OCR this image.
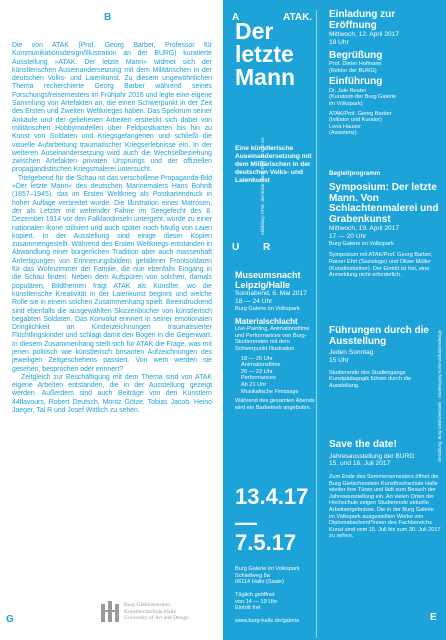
B
Die von ATAK (Prof. Georg Barber, Professor für Kommunikationsdesign/Illustration an der BURG) kuratierte Ausstellung »ATAK. Der letzte Mann« widmet sich der künstlerischen Auseinandersetzung mit dem Militärischen in der deutschen Volks- und Laienkunst. Zu diesem ungewöhnlichen Thema recherchierte Georg Barber während seines Forschungsfreisemesters im Frühjahr 2016 und legte eine eigene Sammlung von Artefakten an, die einen Schwerpunkt in der Zeit des Ersten und Zweiten Weltkrieges haben. Das Spektrum seiner Ankäufe und der geliehenen Arbeiten erstreckt sich dabei von militärischen Hobbymodellen über Feldpostkarten bis hin zu Kunst von Soldaten und Kriegsgefangenen und schließt die visuelle Aufarbeitung traumatischer Kriegserlebnisse ein. In der weiteren Auseinandersetzung wird auch die Wechselbeziehung zwischen Artefakten privaten Ursprungs und der offiziellen propagandistischen Kriegsmalerei untersucht.
Titelgebend für die Schau ist das verschollene Propaganda-Bild »Der letzte Mann« des deutschen Marinemalers Hans Bohrdt (1857–1945), das im Ersten Weltkrieg als Postkartendruck in hoher Auflage verbreitet wurde. Die Illustration eines Matrosen, der als Letzter mit wehender Fahne im Seegefecht des 8. Dezember 1914 vor den Falklandinseln untergeht, wurde zu einer nationalen Ikone stilisiert und auch später noch häufig von Laien kopiert. In der Ausstellung sind einige dieser Kopien zusammengestellt. Während des Ersten Weltkriegs entstanden in Abwandlung einer bürgerlichen Tradition aber auch massenhaft Anfertigungen von Erinnerungsbildern gefallener Frontsoldaten für das Wohnzimmer der Familie, die nun ebenfalls Eingang in die Schau finden. Neben dem Aufspüren von solchen, damals populären, Bildthemen fragt ATAK als Künstler, wo die künstlerische Kreativität in der Laienkunst beginnt und welche Rolle sie in einem solchen Zusammenhang spielt. Beeindruckend sind ebenfalls die ausgewählten Skizzenbücher von künstlerisch begabten Soldaten. Das Konvolut erinnert in seiner emotionalen Dringlichkeit an Kinderzeichnungen traumatisierter Flüchtlingskinder und schlägt damit den Bogen in die Gegenwart. In diesem Zusammenhang stellt sich für ATAK die Frage, was mit jenen politisch wie künstlerisch brisanten Aufzeichnungen des jeweiligen Zeitgeschehens passiert. Von wem werden sie gesehen, besprochen oder erinnert?
Zeitgleich zur Beschäftigung mit dem Thema sind von ATAK eigene Arbeiten entstanden, die in der Ausstellung gezeigt werden. Außerdem sind auch Beiträge von den Künstlern 44flavours, Robert Deutsch, Moritz Götze, Tobias Jacob, Heino Jaeger, Tal R und Josef Wittlich zu sehen.
G
Burg Giebichenstein
Kunsthochschule Halle
University of Art and Design
A	ATAK.
Der letzte Mann
Eine künstlerische Auseinandersetzung mit dem Militärischen in der deutschen Volks- und Laienkunst
Abbildung: ATAK, Der letzte Mann, 2017, 60 x 40 cm
Einladung zur Eröffnung
Mittwoch, 12. April 2017
18 Uhr
Begrüßung
Prof. Dieter Hofmann
(Rektor der BURG)
Einführung
Dr. Jule Reuter
(Kuratorin der Burg Galerie
im Volkspark)
ATAK/Prof. Georg Barber
(Initiator und Kurator)
Lena Hauser
(Assistenz)
Begleitprogramm
Symposium: Der letzte Mann. Von Schlachtenmalerei und Grabenkunst
Mittwoch, 19. April 2017
17 — 20 Uhr
Burg Galerie im Volkspark
Symposium mit ATAK/Prof. Georg Barber, Rainer Ehrt (Soziologe) und Oliver Müller (Kunsthistoriker). Der Eintritt ist frei, eine Anmeldung nicht erforderlich.
U R
Museumsnacht Leipzig/Halle
Sonnabend, 6. Mai 2017
18 — 24 Uhr
Burg Galerie im Volkspark
Materialschlacht
Live-Painting, Animationsfilme und Performances von Burg-Studierenden mit dem Schwerpunkt Illustration
18 — 20 Uhr
Animationsfilme
20 — 22 Uhr
Performances
Ab 21 Uhr
Musikalische Finissage
Während des gesamten Abends wird ein Barbetrieb angeboten.
Führungen durch die Ausstellung
Jeden Sonntag
15 Uhr
Studierende des Studiengangs Kunstpädagogik führen durch die Ausstellung.	Gestaltung: Burg Giebichenstein · Studiengang Kommunikationsdesign
13.4.17
—
7.5.17
Burg Galerie im Volkspark
Schleifweg 8a
06114 Halle (Saale)
Täglich geöffnet
von 14 — 19 Uhr
Eintritt frei
www.burg-halle.de/galerie
Save the date!
Jahresausstellung der BURG
15. und 16. Juli 2017
Zum Ende des Sommersemesters öffnet die Burg Giebichenstein Kunsthochschule Halle wieder ihre Türen und lädt zum Besuch der Jahresausstellung ein. An vielen Orten der Hochschule zeigen Studierende aktuelle Arbeitsergebnisse. Die in der Burg Galerie im Volkspark ausgestellten Werke von Diplomabsolvent*innen des Fachbereichs Kunst sind vom 15. Juli bis zum 30. Juli 2017 zu sehen.
E
